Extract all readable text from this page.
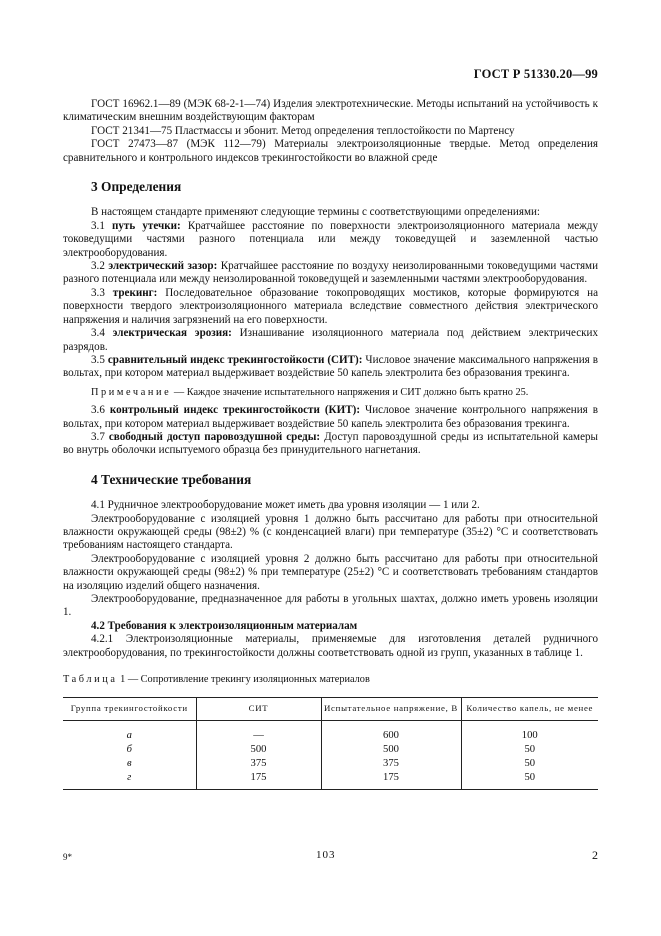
ГОСТ Р 51330.20—99

ГОСТ 16962.1—89 (МЭК 68-2-1—74) Изделия электротехнические. Методы испытаний на устойчивость к климатическим внешним воздействующим факторам

ГОСТ 21341—75 Пластмассы и эбонит. Метод определения теплостойкости по Мартенсу

ГОСТ 27473—87 (МЭК 112—79) Материалы электроизоляционные твердые. Метод определения сравнительного и контрольного индексов трекингостойкости во влажной среде

3 Определения

В настоящем стандарте применяют следующие термины с соответствующими определениями:

3.1 путь утечки: Кратчайшее расстояние по поверхности электроизоляционного материала между токоведущими частями разного потенциала или между токоведущей и заземленной частью электрооборудования.

3.2 электрический зазор: Кратчайшее расстояние по воздуху неизолированными токоведущими частями разного потенциала или между неизолированной токоведущей и заземленными частями электрооборудования.

3.3 трекинг: Последовательное образование токопроводящих мостиков, которые формируются на поверхности твердого электроизоляционного материала вследствие совместного действия электрического напряжения и наличия загрязнений на его поверхности.

3.4 электрическая эрозия: Изнашивание изоляционного материала под действием электрических разрядов.

3.5 сравнительный индекс трекингостойкости (СИТ): Числовое значение максимального напряжения в вольтах, при котором материал выдерживает воздействие 50 капель электролита без образования трекинга.

Примечание — Каждое значение испытательного напряжения и СИТ должно быть кратно 25.

3.6 контрольный индекс трекингостойкости (КИТ): Числовое значение контрольного напряжения в вольтах, при котором материал выдерживает воздействие 50 капель электролита без образования трекинга.

3.7 свободный доступ паровоздушной среды: Доступ паровоздушной среды из испытательной камеры во внутрь оболочки испытуемого образца без принудительного нагнетания.

4 Технические требования

4.1 Рудничное электрооборудование может иметь два уровня изоляции — 1 или 2.

Электрооборудование с изоляцией уровня 1 должно быть рассчитано для работы при относительной влажности окружающей среды (98±2) % (с конденсацией влаги) при температуре (35±2) °С и соответствовать требованиям настоящего стандарта.

Электрооборудование с изоляцией уровня 2 должно быть рассчитано для работы при относительной влажности окружающей среды (98±2) % при температуре (25±2) °С и соответствовать требованиям стандартов на изоляцию изделий общего назначения.

Электрооборудование, предназначенное для работы в угольных шахтах, должно иметь уровень изоляции 1.

4.2 Требования к электроизоляционным материалам

4.2.1 Электроизоляционные материалы, применяемые для изготовления деталей рудничного электрооборудования, по трекингостойкости должны соответствовать одной из групп, указанных в таблице 1.

Таблица 1 — Сопротивление трекингу изоляционных материалов

Группа трекингостойкости	СИТ	Испытательное напряжение, В	Количество капель, не менее
а	—	600	100
б	500	500	50
в	375	375	50
г	175	175	50
9*	103	2
